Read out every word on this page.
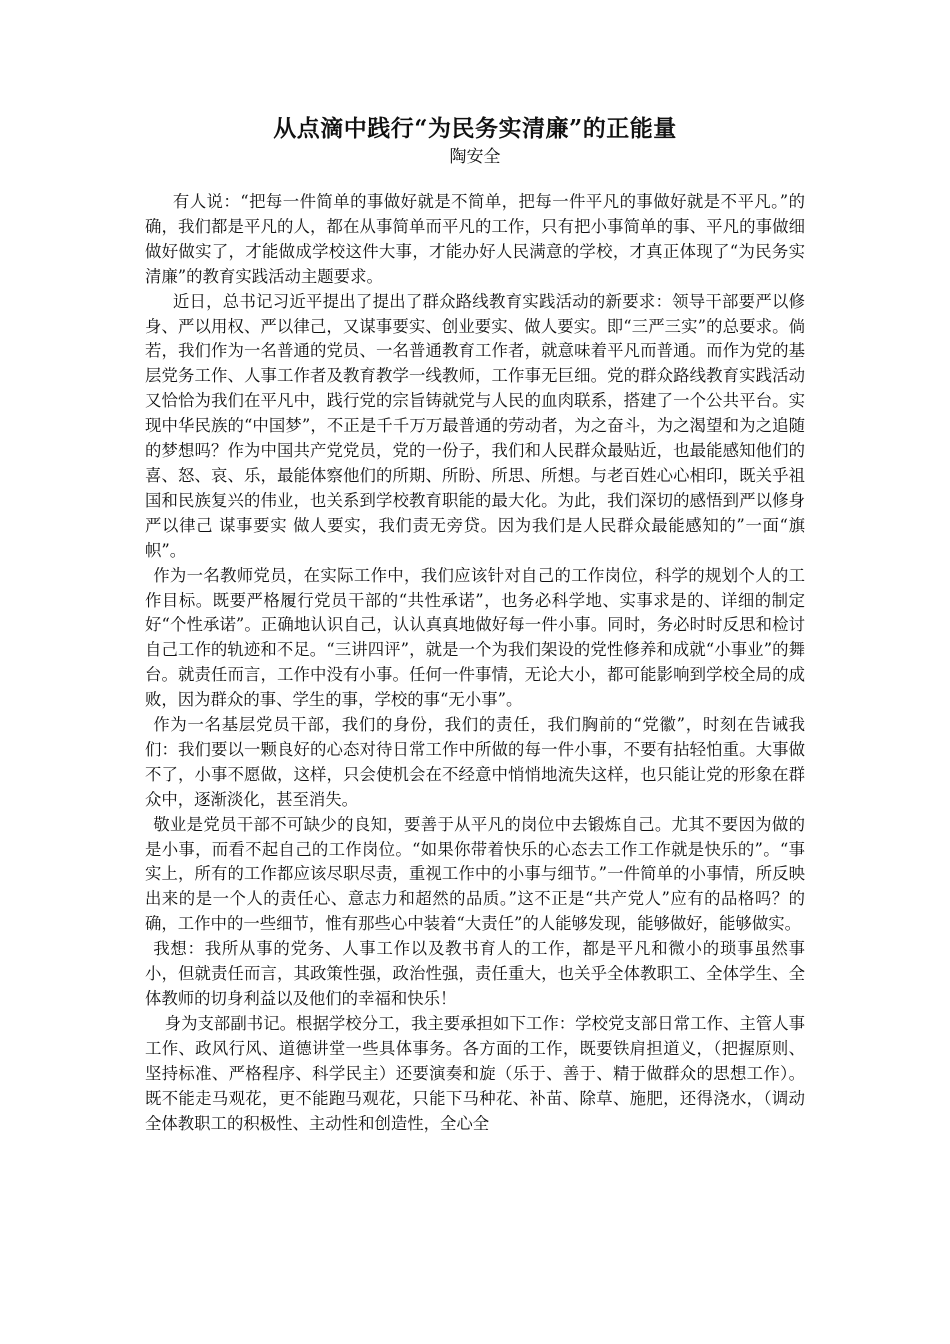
从点滴中践行“为民务实清廉”的正能量
陶安全

有人说：“把每一件简单的事做好就是不简单，把每一件平凡的事做好就是不平凡。”的确，我们都是平凡的人，都在从事简单而平凡的工作，只有把小事简单的事、平凡的事做细做好做实了，才能做成学校这件大事，才能办好人民满意的学校，才真正体现了“为民务实清廉”的教育实践活动主题要求。

近日，总书记习近平提出了提出了群众路线教育实践活动的新要求：领导干部要严以修身、严以用权、严以律己，又谋事要实、创业要实、做人要实。即“三严三实”的总要求。倘若，我们作为一名普通的党员、一名普通教育工作者，就意味着平凡而普通。而作为党的基层党务工作、人事工作者及教育教学一线教师，工作事无巨细。党的群众路线教育实践活动又恰恰为我们在平凡中，践行党的宗旨铸就党与人民的血肉联系，搭建了一个公共平台。实现中华民族的“中国梦”，不正是千千万万最普通的劳动者，为之奋斗，为之渴望和为之追随的梦想吗？作为中国共产党党员，党的一份子，我们和人民群众最贴近，也最能感知他们的喜、怒、哀、乐，最能体察他们的所期、所盼、所思、所想。与老百姓心心相印，既关乎祖国和民族复兴的伟业，也关系到学校教育职能的最大化。为此，我们深切的感悟到严以修身 严以律己 谋事要实 做人要实，我们责无旁贷。因为我们是人民群众最能感知的”一面“旗帜”。

作为一名教师党员，在实际工作中，我们应该针对自己的工作岗位，科学的规划个人的工作目标。既要严格履行党员干部的“共性承诺”，也务必科学地、实事求是的、详细的制定好“个性承诺”。正确地认识自己，认认真真地做好每一件小事。同时，务必时时反思和检讨自己工作的轨迹和不足。“三讲四评”，就是一个为我们架设的党性修养和成就“小事业”的舞台。就责任而言，工作中没有小事。任何一件事情，无论大小，都可能影响到学校全局的成败，因为群众的事、学生的事，学校的事“无小事”。

作为一名基层党员干部，我们的身份，我们的责任，我们胸前的“党徽”，时刻在告诫我们：我们要以一颗良好的心态对待日常工作中所做的每一件小事，不要有拈轻怕重。大事做不了，小事不愿做，这样，只会使机会在不经意中悄悄地流失这样，也只能让党的形象在群众中，逐渐淡化，甚至消失。

敬业是党员干部不可缺少的良知，要善于从平凡的岗位中去锻炼自己。尤其不要因为做的是小事，而看不起自己的工作岗位。“如果你带着快乐的心态去工作工作就是快乐的”。“事实上，所有的工作都应该尽职尽责，重视工作中的小事与细节。”一件简单的小事情，所反映出来的是一个人的责任心、意志力和超然的品质。”这不正是“共产党人”应有的品格吗？的确，工作中的一些细节，惟有那些心中装着“大责任”的人能够发现，能够做好，能够做实。

我想：我所从事的党务、人事工作以及教书育人的工作，都是平凡和微小的琐事虽然事小，但就责任而言，其政策性强，政治性强，责任重大，也关乎全体教职工、全体学生、全体教师的切身利益以及他们的幸福和快乐！

身为支部副书记。根据学校分工，我主要承担如下工作：学校党支部日常工作、主管人事工作、政风行风、道德讲堂一些具体事务。各方面的工作，既要铁肩担道义，（把握原则、坚持标准、严格程序、科学民主）还要演奏和旋（乐于、善于、精于做群众的思想工作）。既不能走马观花，更不能跑马观花，只能下马种花、补苗、除草、施肥，还得浇水，（调动全体教职工的积极性、主动性和创造性，全心全
